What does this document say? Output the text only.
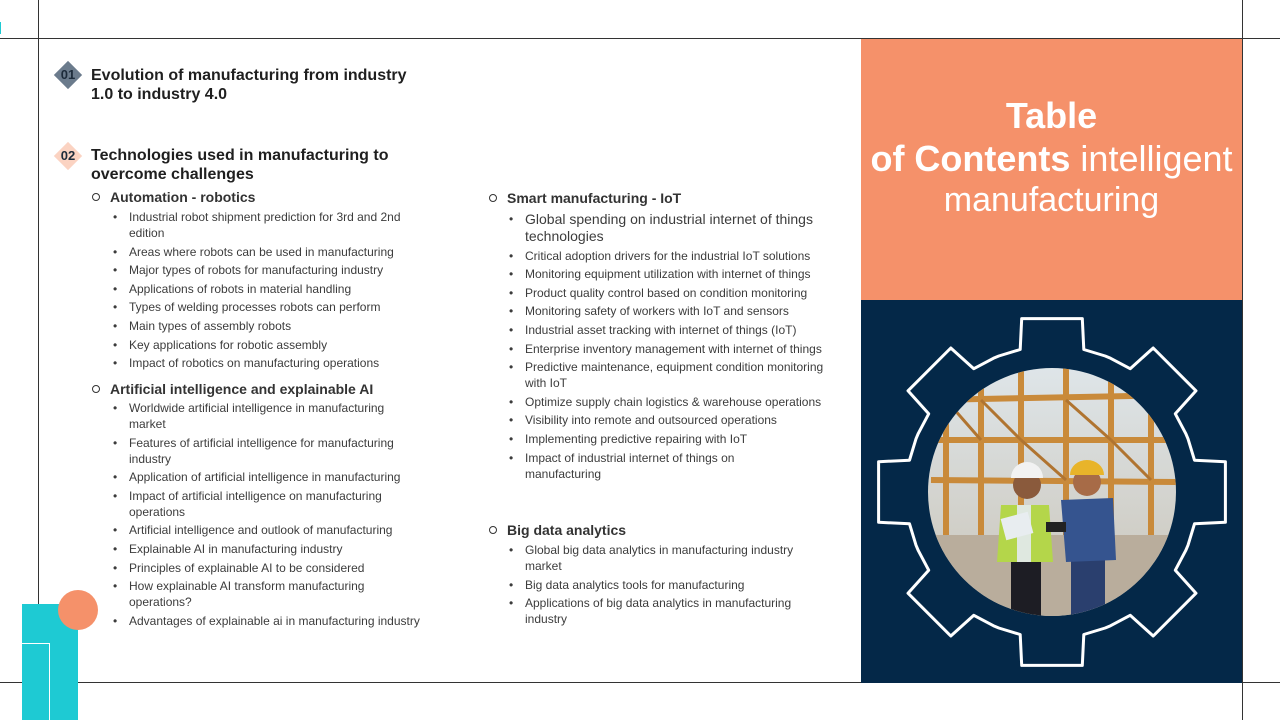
01 Evolution of manufacturing from industry 1.0 to industry 4.0
02 Technologies used in manufacturing to overcome challenges
Automation - robotics
• Industrial robot shipment prediction for 3rd and 2nd edition
• Areas where robots can be used in manufacturing
• Major types of robots for manufacturing industry
• Applications of robots in material handling
• Types of welding processes robots can perform
• Main types of assembly robots
• Key applications for robotic assembly
• Impact of robotics on manufacturing operations
Artificial intelligence and explainable AI
• Worldwide artificial intelligence in manufacturing market
• Features of artificial intelligence for manufacturing industry
• Application of artificial intelligence in manufacturing
• Impact of artificial intelligence on manufacturing operations
• Artificial intelligence and outlook of manufacturing
• Explainable AI in manufacturing industry
• Principles of explainable AI to be considered
• How explainable AI transform manufacturing operations?
• Advantages of explainable ai in manufacturing industry
Smart manufacturing - IoT
• Global spending on industrial internet of things technologies
• Critical adoption drivers for the industrial IoT solutions
• Monitoring equipment utilization with internet of things
• Product quality control based on condition monitoring
• Monitoring safety of workers with IoT and sensors
• Industrial asset tracking with internet of things (IoT)
• Enterprise inventory management with internet of things
• Predictive maintenance, equipment condition monitoring with IoT
• Optimize supply chain logistics & warehouse operations
• Visibility into remote and outsourced operations
• Implementing predictive repairing with IoT
• Impact of industrial internet of things on manufacturing
Big data analytics
• Global big data analytics in manufacturing industry market
• Big data analytics tools for manufacturing
• Applications of big data analytics in manufacturing industry
Table
of Contents intelligent
manufacturing
